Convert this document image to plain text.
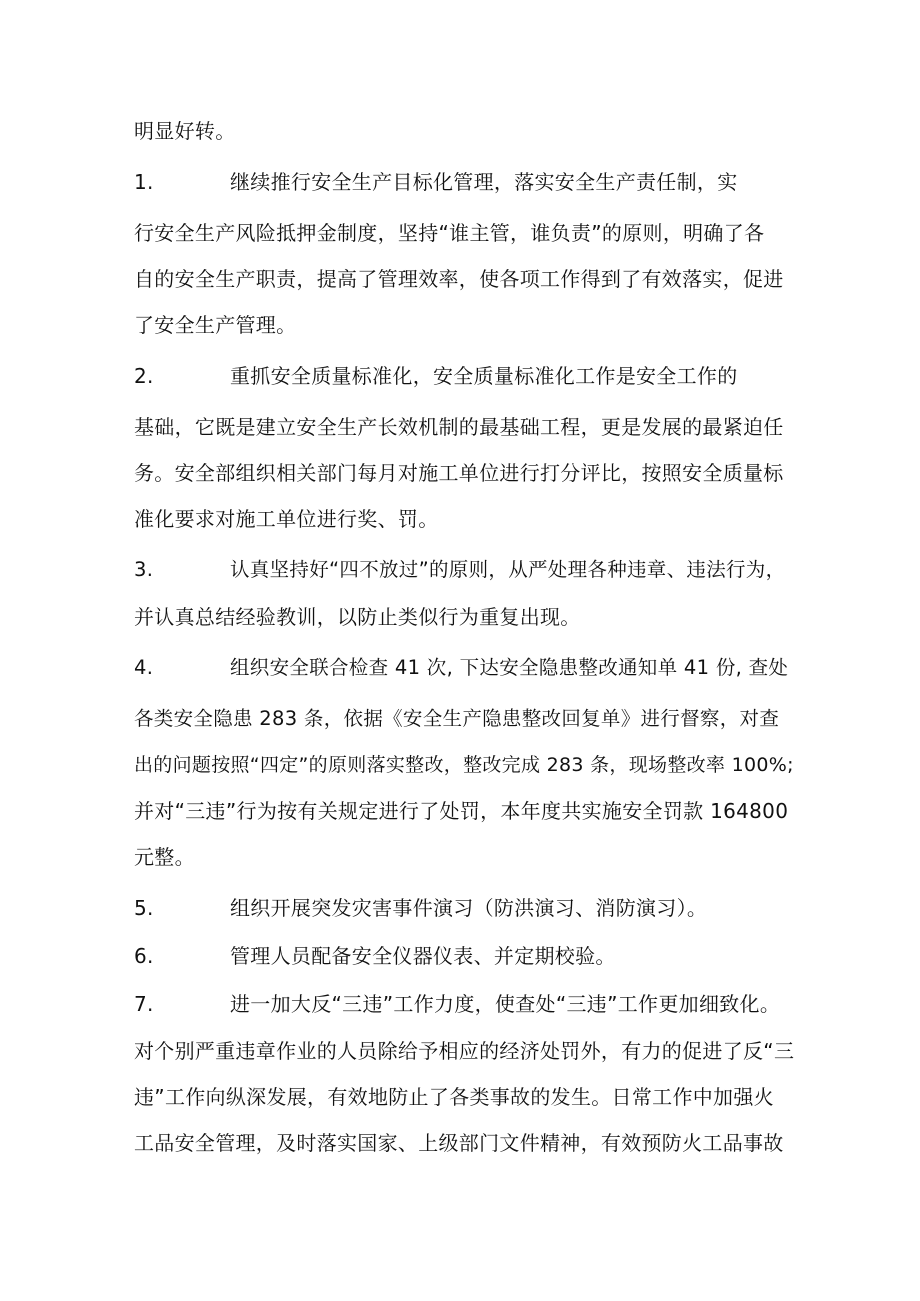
明显好转。
1.	继续推行安全生产目标化管理，落实安全生产责任制，实
行安全生产风险抵押金制度，坚持“谁主管，谁负责”的原则，明确了各
自的安全生产职责，提高了管理效率，使各项工作得到了有效落实，促进
了安全生产管理。
2.	重抓安全质量标准化，安全质量标准化工作是安全工作的
基础，它既是建立安全生产长效机制的最基础工程，更是发展的最紧迫任
务。安全部组织相关部门每月对施工单位进行打分评比，按照安全质量标
准化要求对施工单位进行奖、罚。
3.	认真坚持好“四不放过”的原则，从严处理各种违章、违法行为，
并认真总结经验教训，以防止类似行为重复出现。
4.	组织安全联合检查 41 次, 下达安全隐患整改通知单 41 份, 查处
各类安全隐患 283 条，依据《安全生产隐患整改回复单》进行督察，对查
出的问题按照“四定”的原则落实整改，整改完成 283 条，现场整改率 100%;
并对“三违”行为按有关规定进行了处罚，本年度共实施安全罚款 164800
元整。
5.	组织开展突发灾害事件演习（防洪演习、消防演习）。
6.	管理人员配备安全仪器仪表、并定期校验。
7.	进一加大反“三违”工作力度，使查处“三违”工作更加细致化。
对个别严重违章作业的人员除给予相应的经济处罚外，有力的促进了反“三
违”工作向纵深发展，有效地防止了各类事故的发生。日常工作中加强火
工品安全管理，及时落实国家、上级部门文件精神，有效预防火工品事故
